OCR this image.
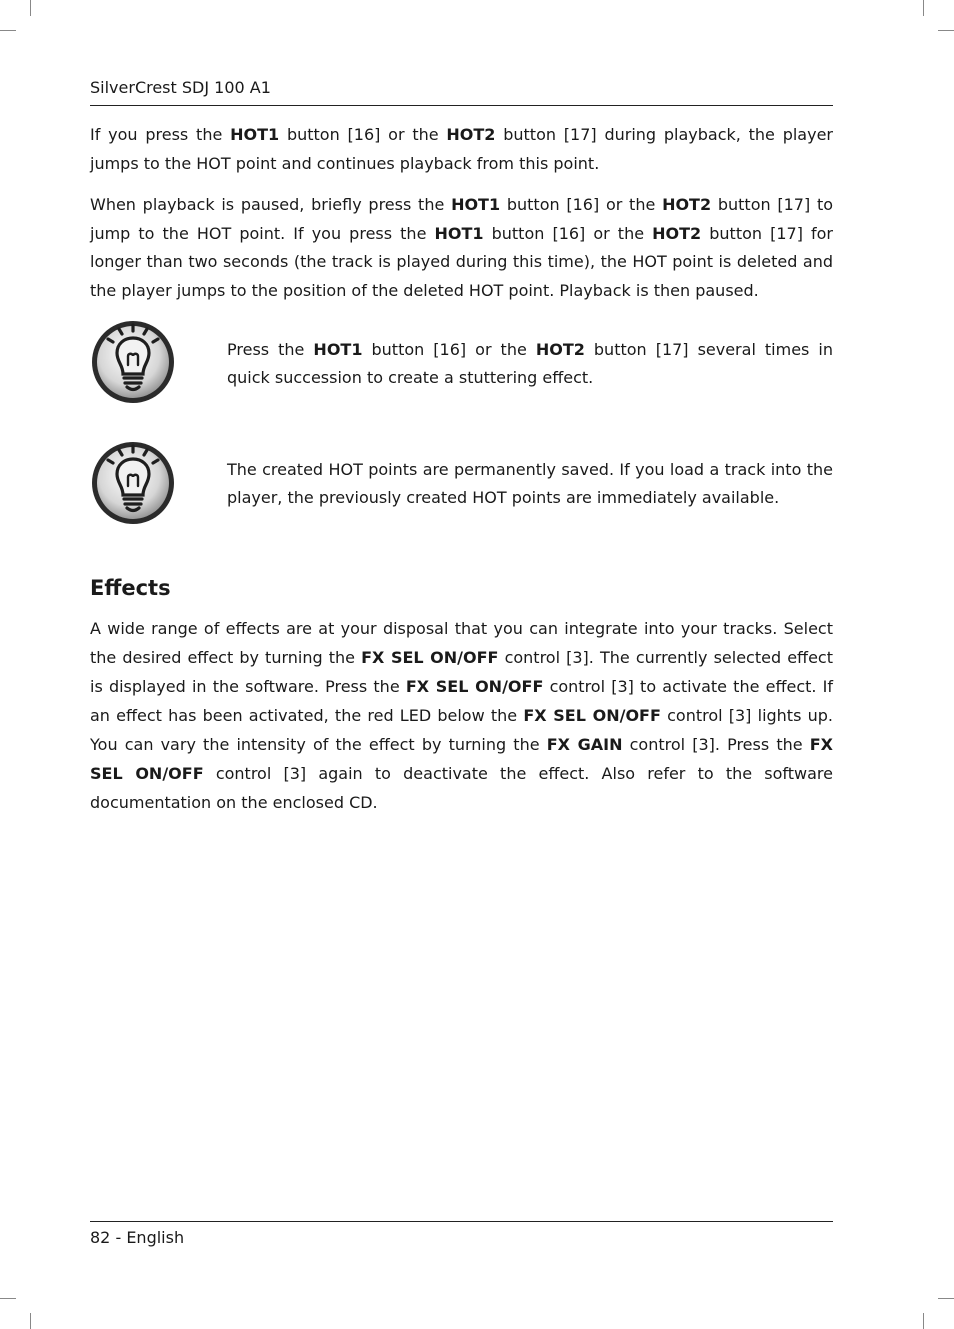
SilverCrest SDJ 100 A1
If you press the HOT1 button [16] or the HOT2 button [17] during playback, the player jumps to the HOT point and continues playback from this point.
When playback is paused, briefly press the HOT1 button [16] or the HOT2 button [17] to jump to the HOT point. If you press the HOT1 button [16] or the HOT2 button [17] for longer than two seconds (the track is played during this time), the HOT point is deleted and the player jumps to the position of the deleted HOT point. Playback is then paused.
Press the HOT1 button [16] or the HOT2 button [17] several times in quick succession to create a stuttering effect.
The created HOT points are permanently saved. If you load a track into the player, the previously created HOT points are immediately available.
Effects
A wide range of effects are at your disposal that you can integrate into your tracks. Select the desired effect by turning the FX SEL ON/OFF control [3]. The currently selected effect is displayed in the software. Press the FX SEL ON/OFF control [3] to activate the effect. If an effect has been activated, the red LED below the FX SEL ON/OFF control [3] lights up. You can vary the intensity of the effect by turning the FX GAIN control [3]. Press the FX SEL ON/OFF control [3] again to deactivate the effect. Also refer to the software documentation on the enclosed CD.
82 - English
